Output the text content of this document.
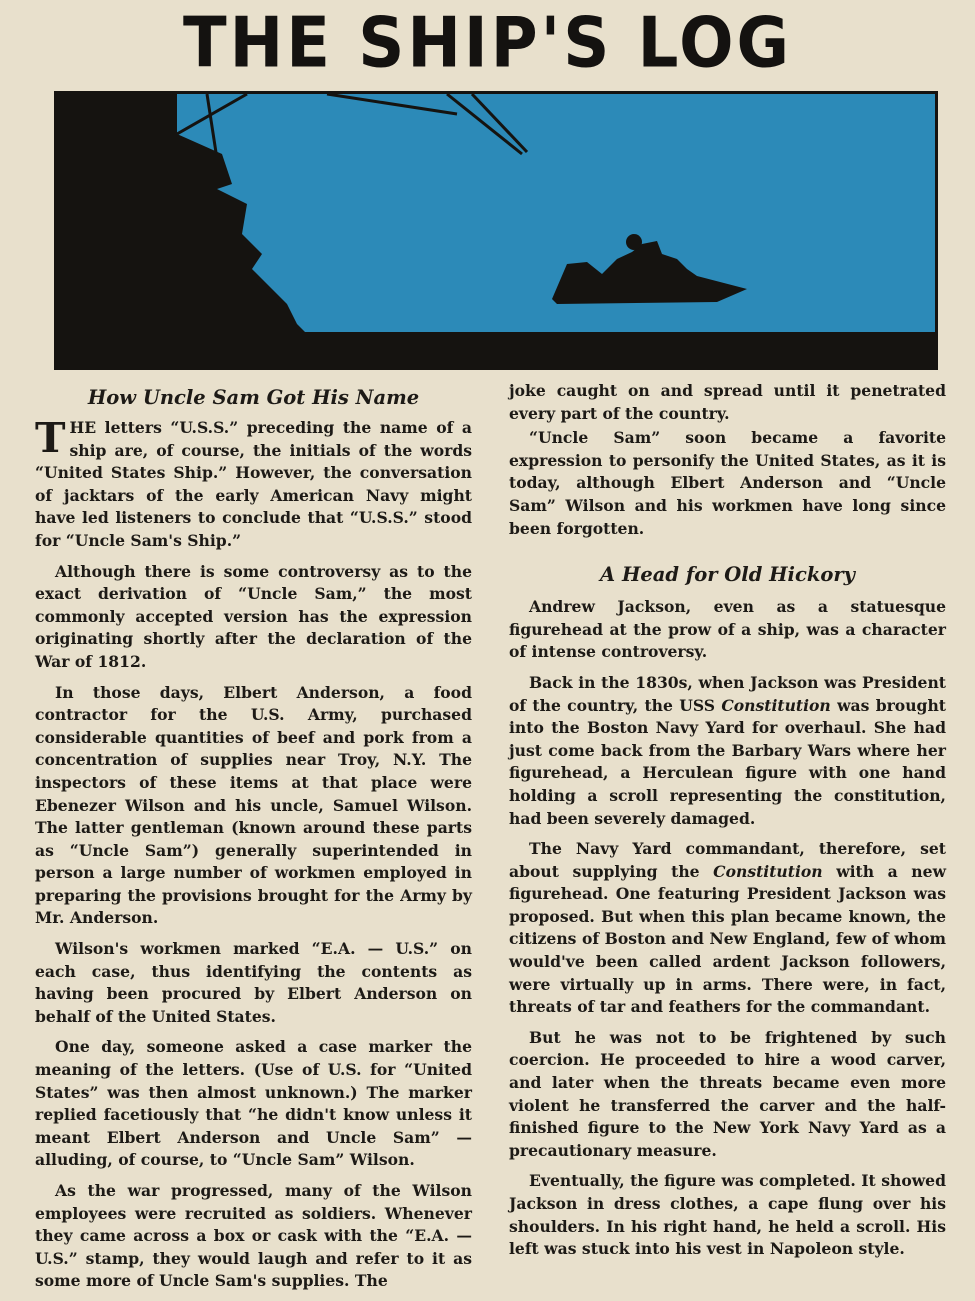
THE SHIP'S LOG
How Uncle Sam Got His Name

THE letters “U.S.S.” preceding the name of a ship are, of course, the initials of the words “United States Ship.” However, the conversation of jacktars of the early American Navy might have led listeners to conclude that “U.S.S.” stood for “Uncle Sam's Ship.”

Although there is some controversy as to the exact derivation of “Uncle Sam,” the most commonly accepted version has the expression originating shortly after the declaration of the War of 1812.

In those days, Elbert Anderson, a food contractor for the U.S. Army, purchased considerable quantities of beef and pork from a concentration of supplies near Troy, N.Y. The inspectors of these items at that place were Ebenezer Wilson and his uncle, Samuel Wilson. The latter gentleman (known around these parts as “Uncle Sam”) generally superintended in person a large number of workmen employed in preparing the provisions brought for the Army by Mr. Anderson.

Wilson's workmen marked “E.A. — U.S.” on each case, thus identifying the contents as having been procured by Elbert Anderson on behalf of the United States.

One day, someone asked a case marker the meaning of the letters. (Use of U.S. for “United States” was then almost unknown.) The marker replied facetiously that “he didn't know unless it meant Elbert Anderson and Uncle Sam” — alluding, of course, to “Uncle Sam” Wilson.

As the war progressed, many of the Wilson employees were recruited as soldiers. Whenever they came across a box or cask with the “E.A. —U.S.” stamp, they would laugh and refer to it as some more of Uncle Sam's supplies. The

joke caught on and spread until it penetrated every part of the country.

“Uncle Sam” soon became a favorite expression to personify the United States, as it is today, although Elbert Anderson and “Uncle Sam” Wilson and his workmen have long since been forgotten.

A Head for Old Hickory

Andrew Jackson, even as a statuesque figurehead at the prow of a ship, was a character of intense controversy.

Back in the 1830s, when Jackson was President of the country, the USS Constitution was brought into the Boston Navy Yard for overhaul. She had just come back from the Barbary Wars where her figurehead, a Herculean figure with one hand holding a scroll representing the constitution, had been severely damaged.

The Navy Yard commandant, therefore, set about supplying the Constitution with a new figurehead. One featuring President Jackson was proposed. But when this plan became known, the citizens of Boston and New England, few of whom would've been called ardent Jackson followers, were virtually up in arms. There were, in fact, threats of tar and feathers for the commandant.

But he was not to be frightened by such coercion. He proceeded to hire a wood carver, and later when the threats became even more violent he transferred the carver and the half-finished figure to the New York Navy Yard as a precautionary measure.

Eventually, the figure was completed. It showed Jackson in dress clothes, a cape flung over his shoulders. In his right hand, he held a scroll. His left was stuck into his vest in Napoleon style.
